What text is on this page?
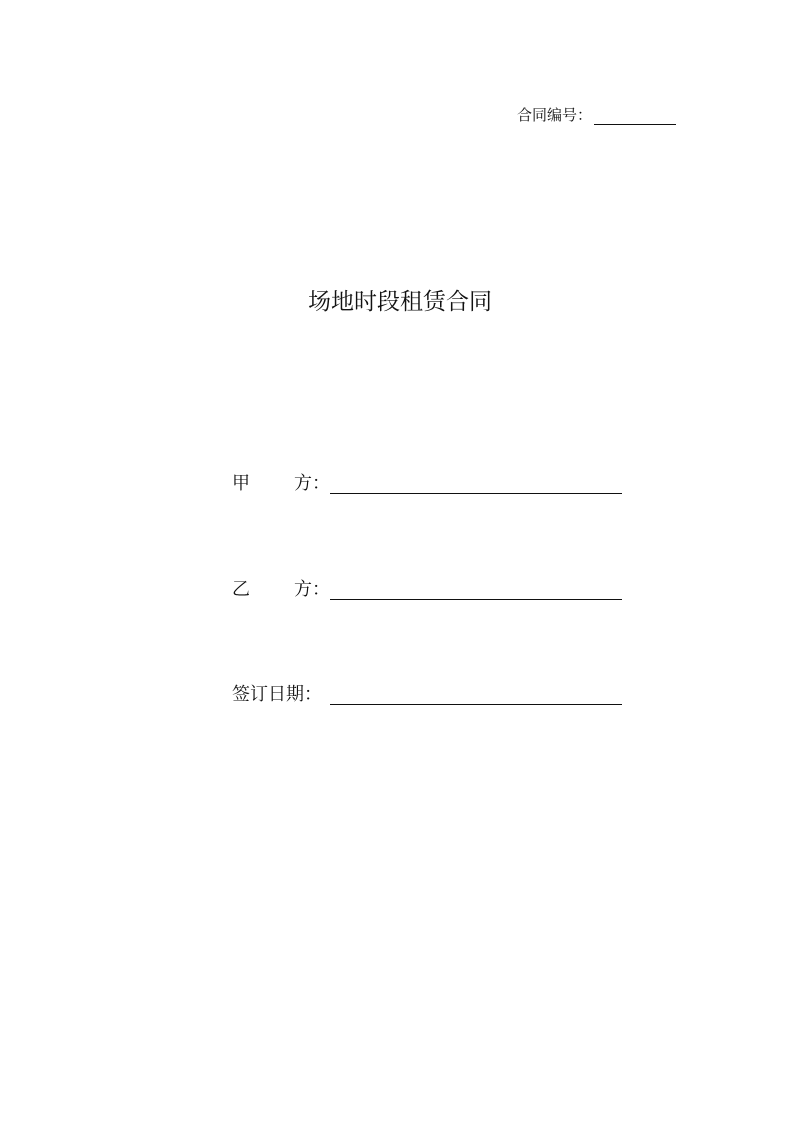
合同编号：
场地时段租赁合同
甲 方：
乙 方：
签订日期：
